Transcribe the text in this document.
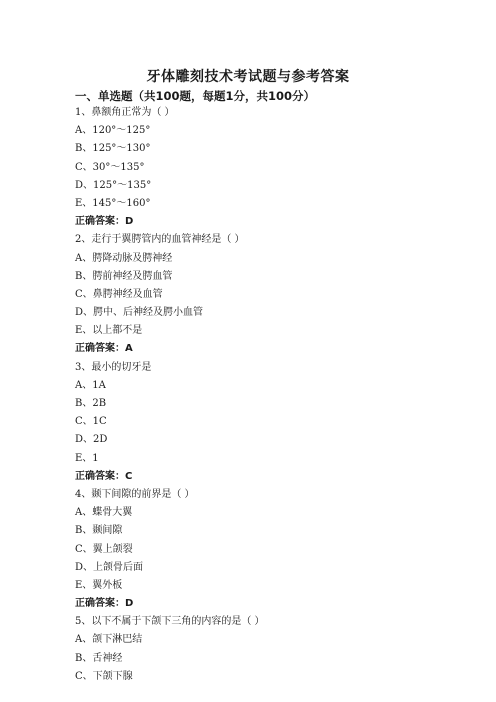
牙体雕刻技术考试题与参考答案
一、单选题（共100题，每题1分，共100分）
1、鼻额角正常为（ ）
A、120°～125°
B、125°～130°
C、30°～135°
D、125°～135°
E、145°～160°
正确答案：D
2、走行于翼腭管内的血管神经是（ ）
A、腭降动脉及腭神经
B、腭前神经及腭血管
C、鼻腭神经及血管
D、腭中、后神经及腭小血管
E、以上都不是
正确答案：A
3、最小的切牙是
A、1A
B、2B
C、1C
D、2D
E、1
正确答案：C
4、颞下间隙的前界是（ ）
A、蝶骨大翼
B、颞间隙
C、翼上颌裂
D、上颌骨后面
E、翼外板
正确答案：D
5、以下不属于下颌下三角的内容的是（ ）
A、颌下淋巴结
B、舌神经
C、下颌下腺
